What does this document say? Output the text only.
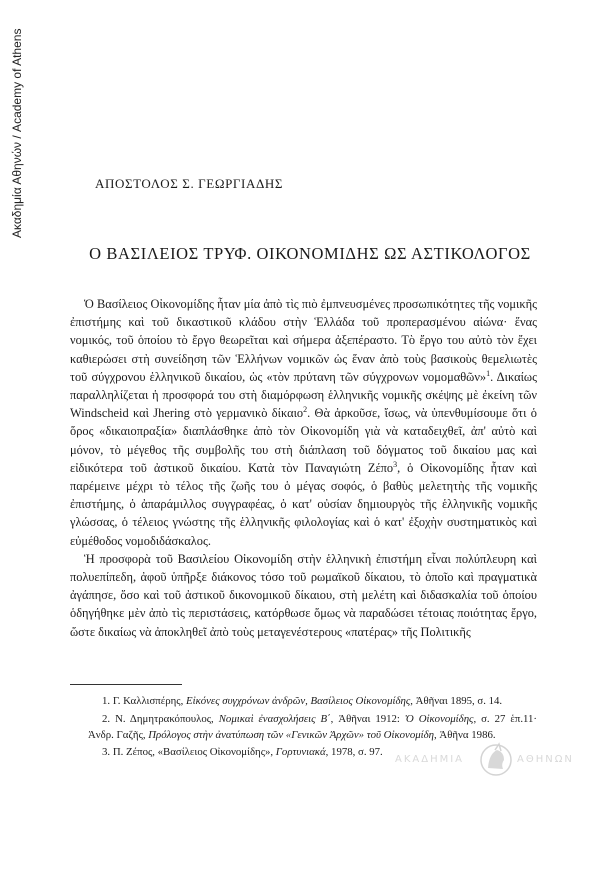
Ακαδημία Αθηνών / Academy of Athens	ΑΠΟΣΤΟΛΟΣ Σ. ΓΕΩΡΓΙΑΔΗΣ
Ο ΒΑΣΙΛΕΙΟΣ ΤΡΥΦ. ΟΙΚΟΝΟΜΙΔΗΣ ΩΣ ΑΣΤΙΚΟΛΟΓΟΣ

Ὁ Βασίλειος Οἰκονομίδης ἦταν μία ἀπὸ τὶς πιὸ ἐμπνευσμένες προσωπικότητες τῆς νομικῆς ἐπιστήμης καὶ τοῦ δικαστικοῦ κλάδου στὴν Ἑλλάδα τοῦ προπερασμένου αἰώνα· ἕνας νομικός, τοῦ ὁποίου τὸ ἔργο θεωρεῖται καὶ σήμερα ἀξεπέραστο. Τὸ ἔργο του αὐτὸ τὸν ἔχει καθιερώσει στὴ συνείδηση τῶν Ἑλλήνων νομικῶν ὡς ἕναν ἀπὸ τοὺς βασικοὺς θεμελιωτὲς τοῦ σύγχρονου ἑλληνικοῦ δικαίου, ὡς «τὸν πρύτανη τῶν σύγχρονων νομομαθῶν»$^1$. Δικαίως παραλληλίζεται ἡ προσφορά του στὴ διαμόρφωση ἑλληνικῆς νομικῆς σκέψης μὲ ἐκείνη τῶν Windscheid καὶ Jhering στὸ γερμανικὸ δίκαιο$^2$. Θὰ ἀρκοῦσε, ἴσως, νὰ ὑπενθυμίσουμε ὅτι ὁ ὅρος «δικαιοπραξία» διαπλάσθηκε ἀπὸ τὸν Οἰκονομίδη γιὰ νὰ καταδειχθεῖ, ἀπ' αὐτὸ καὶ μόνον, τὸ μέγεθος τῆς συμβολῆς του στὴ διάπλαση τοῦ δόγματος τοῦ δικαίου μας καὶ εἰδικότερα τοῦ ἀστικοῦ δικαίου. Κατὰ τὸν Παναγιώτη Ζέπο$^3$, ὁ Οἰκονομίδης ἦταν καὶ παρέμεινε μέχρι τὸ τέλος τῆς ζωῆς του ὁ μέγας σοφός, ὁ βαθὺς μελετητὴς τῆς νομικῆς ἐπιστήμης, ὁ ἀπαράμιλλος συγγραφέας, ὁ κατ' οὐσίαν δημιουργὸς τῆς ἑλληνικῆς νομικῆς γλώσσας, ὁ τέλειος γνώστης τῆς ἑλληνικῆς φιλολογίας καὶ ὁ κατ' ἐξοχὴν συστηματικὸς καὶ εὐμέθοδος νομοδιδάσκαλος.

Ἡ προσφορὰ τοῦ Βασιλείου Οἰκονομίδη στὴν ἑλληνικὴ ἐπιστήμη εἶναι πολύπλευρη καὶ πολυεπίπεδη, ἀφοῦ ὑπῆρξε διάκονος τόσο τοῦ ρωμαϊκοῦ δίκαιου, τὸ ὁποῖο καὶ πραγματικὰ ἀγάπησε, ὅσο καὶ τοῦ ἀστικοῦ δικονομικοῦ δίκαιου, στὴ μελέτη καὶ διδασκαλία τοῦ ὁποίου ὁδηγήθηκε μὲν ἀπὸ τὶς περιστάσεις, κατόρθωσε ὅμως νὰ παραδώσει τέτοιας ποιότητας ἔργο, ὥστε δικαίως νὰ ἀποκληθεῖ ἀπὸ τοὺς μεταγενέστερους «πατέρας» τῆς Πολιτικῆς

1. Γ. Καλλισπέρης, Εἰκόνες συγχρόνων ἀνδρῶν, Βασίλειος Οἰκονομίδης, Ἀθῆναι 1895, σ. 14.

2. Ν. Δημητρακόπουλος, Νομικαὶ ἐνασχολήσεις Β΄, Ἀθῆναι 1912: Ὁ Οἰκονομίδης, σ. 27 ἑπ.11· Ἀνδρ. Γαζῆς, Πρόλογος στὴν ἀνατύπωση τῶν «Γενικῶν Ἀρχῶν» τοῦ Οἰκονομίδη, Ἀθῆνα 1986.

3. Π. Ζέπος, «Βασίλειος Οἰκονομίδης», Γορτυνιακά, 1978, σ. 97.

ΑΚΑΔΗΜΙΑ	ΑΘΗΝΩΝ
